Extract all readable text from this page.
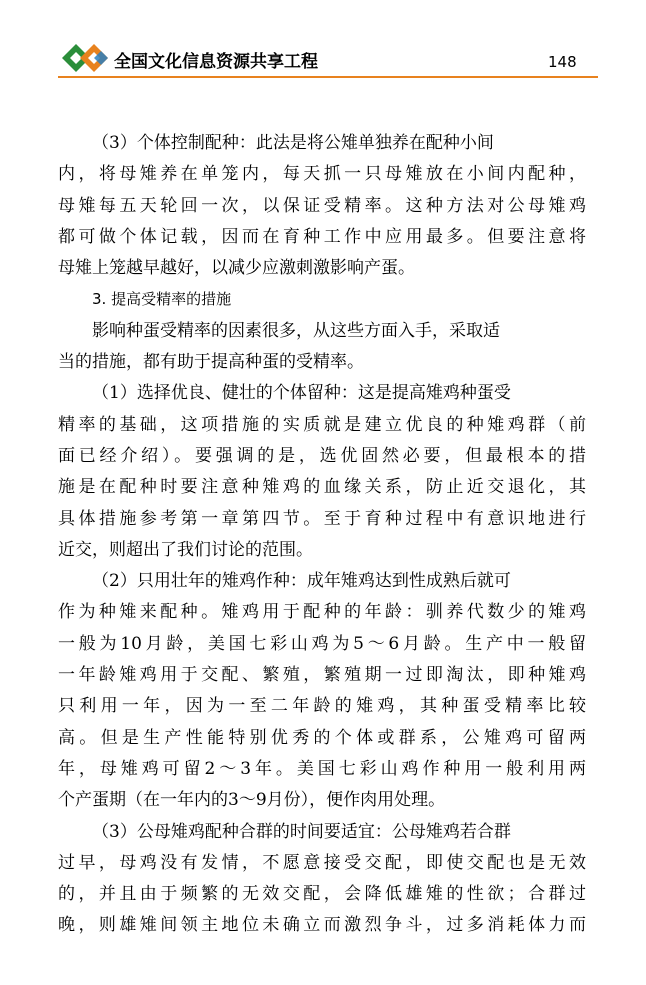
全国文化信息资源共享工程	148
（3）个体控制配种：此法是将公雉单独养在配种小间
内，将母雉养在单笼内，每天抓一只母雉放在小间内配种，
母雉每五天轮回一次，以保证受精率。这种方法对公母雉鸡
都可做个体记载，因而在育种工作中应用最多。但要注意将
母雉上笼越早越好，以减少应激刺激影响产蛋。
3. 提高受精率的措施
影响种蛋受精率的因素很多，从这些方面入手，采取适
当的措施，都有助于提高种蛋的受精率。
（1）选择优良、健壮的个体留种：这是提高雉鸡种蛋受
精率的基础，这项措施的实质就是建立优良的种雉鸡群（前
面已经介绍）。要强调的是，选优固然必要，但最根本的措
施是在配种时要注意种雉鸡的血缘关系，防止近交退化，其
具体措施参考第一章第四节。至于育种过程中有意识地进行
近交，则超出了我们讨论的范围。
（2）只用壮年的雉鸡作种：成年雉鸡达到性成熟后就可
作为种雉来配种。雉鸡用于配种的年龄：驯养代数少的雉鸡
一般为10月龄，美国七彩山鸡为5～6月龄。生产中一般留
一年龄雉鸡用于交配、繁殖，繁殖期一过即淘汰，即种雉鸡
只利用一年，因为一至二年龄的雉鸡，其种蛋受精率比较
高。但是生产性能特别优秀的个体或群系，公雉鸡可留两
年，母雉鸡可留2～3年。美国七彩山鸡作种用一般利用两
个产蛋期（在一年内的3～9月份），便作肉用处理。
（3）公母雉鸡配种合群的时间要适宜：公母雉鸡若合群
过早，母鸡没有发情，不愿意接受交配，即使交配也是无效
的，并且由于频繁的无效交配，会降低雄雉的性欲；合群过
晚，则雄雉间领主地位未确立而激烈争斗，过多消耗体力而
